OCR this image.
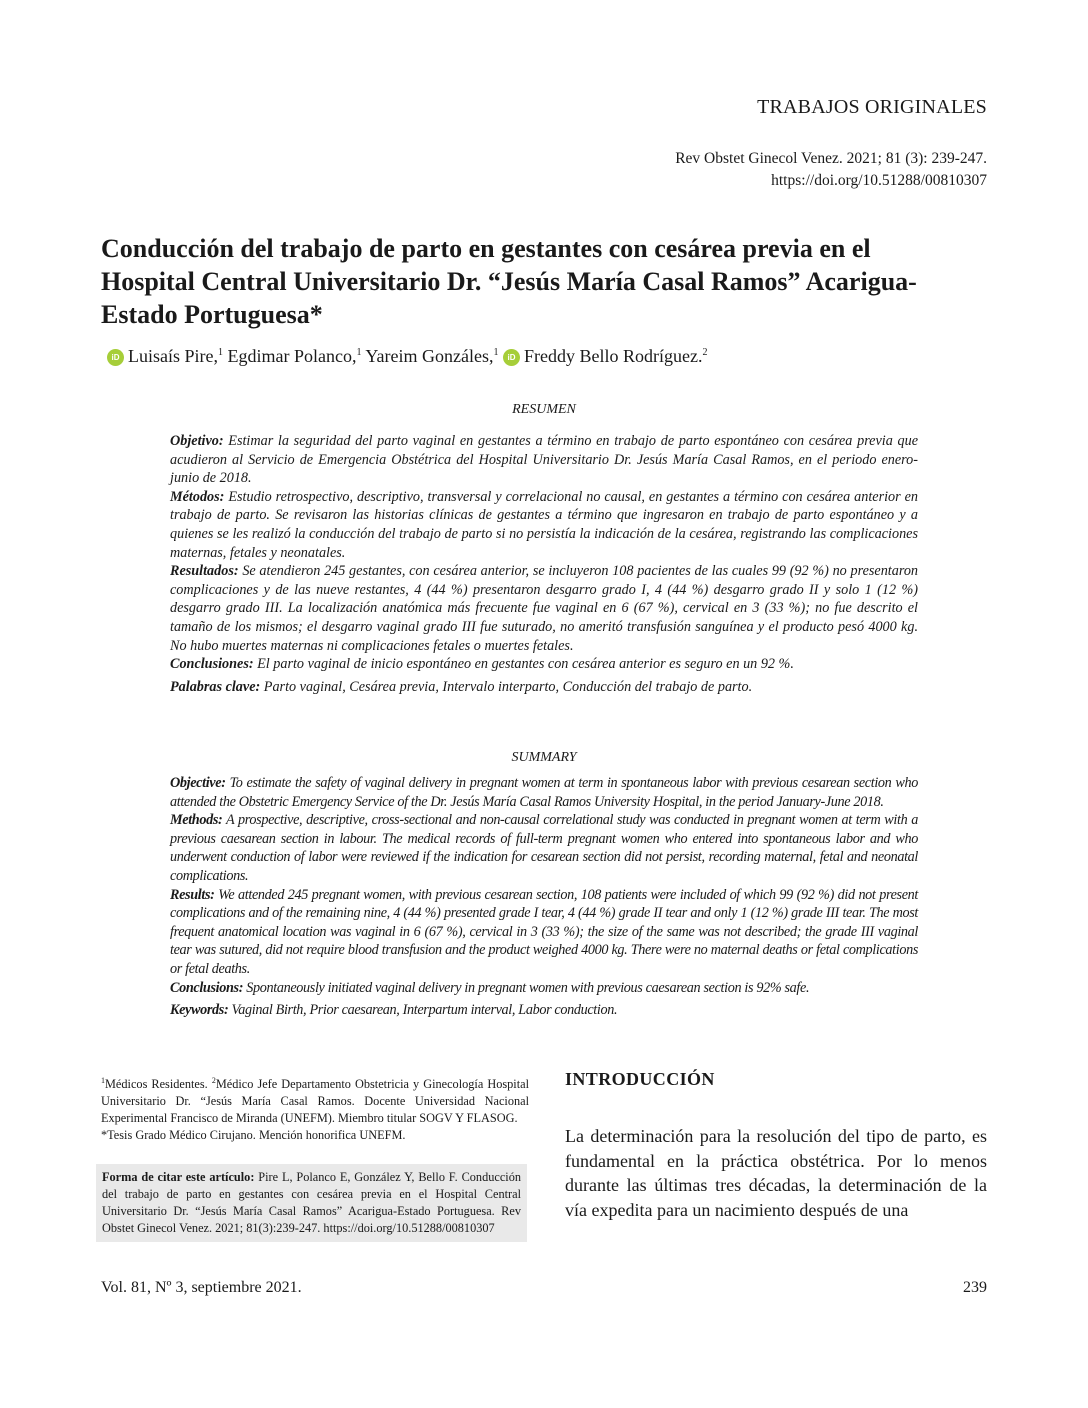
TRABAJOS ORIGINALES
Rev Obstet Ginecol Venez. 2021; 81 (3): 239-247.
https://doi.org/10.51288/00810307
Conducción del trabajo de parto en gestantes con cesárea previa en el Hospital Central Universitario Dr. “Jesús María Casal Ramos” Acarigua-Estado Portuguesa*
iD Luisaís Pire,$^1$ Egdimar Polanco,$^1$ Yareim Gonzáles,$^1$ iD Freddy Bello Rodríguez.$^2$
RESUMEN

Objetivo: Estimar la seguridad del parto vaginal en gestantes a término en trabajo de parto espontáneo con cesárea previa que acudieron al Servicio de Emergencia Obstétrica del Hospital Universitario Dr. Jesús María Casal Ramos, en el periodo enero-junio de 2018.

Métodos: Estudio retrospectivo, descriptivo, transversal y correlacional no causal, en gestantes a término con cesárea anterior en trabajo de parto. Se revisaron las historias clínicas de gestantes a término que ingresaron en trabajo de parto espontáneo y a quienes se les realizó la conducción del trabajo de parto si no persistía la indicación de la cesárea, registrando las complicaciones maternas, fetales y neonatales.

Resultados: Se atendieron 245 gestantes, con cesárea anterior, se incluyeron 108 pacientes de las cuales 99 (92 %) no presentaron complicaciones y de las nueve restantes, 4 (44 %) presentaron desgarro grado I, 4 (44 %) desgarro grado II y solo 1 (12 %) desgarro grado III. La localización anatómica más frecuente fue vaginal en 6 (67 %), cervical en 3 (33 %); no fue descrito el tamaño de los mismos; el desgarro vaginal grado III fue suturado, no ameritó transfusión sanguínea y el producto pesó 4000 kg. No hubo muertes maternas ni complicaciones fetales o muertes fetales.

Conclusiones: El parto vaginal de inicio espontáneo en gestantes con cesárea anterior es seguro en un 92 %.

Palabras clave: Parto vaginal, Cesárea previa, Intervalo interparto, Conducción del trabajo de parto.

SUMMARY

Objective: To estimate the safety of vaginal delivery in pregnant women at term in spontaneous labor with previous cesarean section who attended the Obstetric Emergency Service of the Dr. Jesús María Casal Ramos University Hospital, in the period January-June 2018.

Methods: A prospective, descriptive, cross-sectional and non-causal correlational study was conducted in pregnant women at term with a previous caesarean section in labour. The medical records of full-term pregnant women who entered into spontaneous labor and who underwent conduction of labor were reviewed if the indication for cesarean section did not persist, recording maternal, fetal and neonatal complications.

Results: We attended 245 pregnant women, with previous cesarean section, 108 patients were included of which 99 (92 %) did not present complications and of the remaining nine, 4 (44 %) presented grade I tear, 4 (44 %) grade II tear and only 1 (12 %) grade III tear. The most frequent anatomical location was vaginal in 6 (67 %), cervical in 3 (33 %); the size of the same was not described; the grade III vaginal tear was sutured, did not require blood transfusion and the product weighed 4000 kg. There were no maternal deaths or fetal complications or fetal deaths.

Conclusions: Spontaneously initiated vaginal delivery in pregnant women with previous caesarean section is 92% safe.

Keywords: Vaginal Birth, Prior caesarean, Interpartum interval, Labor conduction.

$^1$Médicos Residentes. $^2$Médico Jefe Departamento Obstetricia y Ginecología Hospital Universitario Dr. “Jesús María Casal Ramos. Docente Universidad Nacional Experimental Francisco de Miranda (UNEFM). Miembro titular SOGV Y FLASOG.
*Tesis Grado Médico Cirujano. Mención honorifica UNEFM.
Forma de citar este artículo: Pire L, Polanco E, González Y, Bello F. Conducción del trabajo de parto en gestantes con cesárea previa en el Hospital Central Universitario Dr. “Jesús María Casal Ramos” Acarigua-Estado Portuguesa. Rev Obstet Ginecol Venez. 2021; 81(3):239-247. https://doi.org/10.51288/00810307
INTRODUCCIÓN
La determinación para la resolución del tipo de parto, es fundamental en la práctica obstétrica. Por lo menos durante las últimas tres décadas, la determinación de la vía expedita para un nacimiento después de una
Vol. 81, Nº 3, septiembre 2021.	239
